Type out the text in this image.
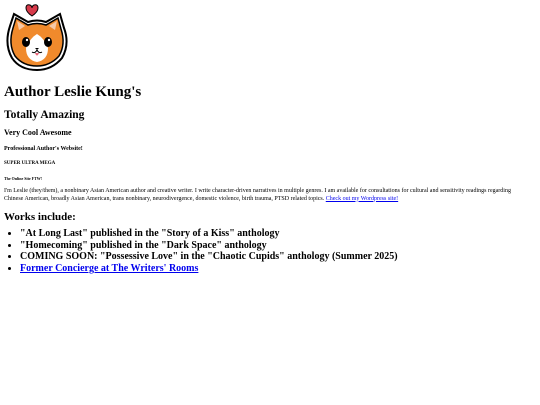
Author Leslie Kung's
Totally Amazing
Very Cool Awesome
Professional Author's Website!
SUPER ULTRA MEGA
The Online Site FTW!

I'm Leslie (they/them), a nonbinary Asian American author and creative writer. I write character-driven narratives in multiple genres. I am available for consultations for cultural and sensitivity readings regarding Chinese American, broadly Asian American, trans nonbinary, neurodivergence, domestic violence, birth trauma, PTSD related topics. Check out my Wordpress site!

Works include:
• "At Long Last" published in the "Story of a Kiss" anthology
• "Homecoming" published in the "Dark Space" anthology
• COMING SOON: "Possessive Love" in the "Chaotic Cupids" anthology (Summer 2025)
• Former Concierge at The Writers' Rooms
